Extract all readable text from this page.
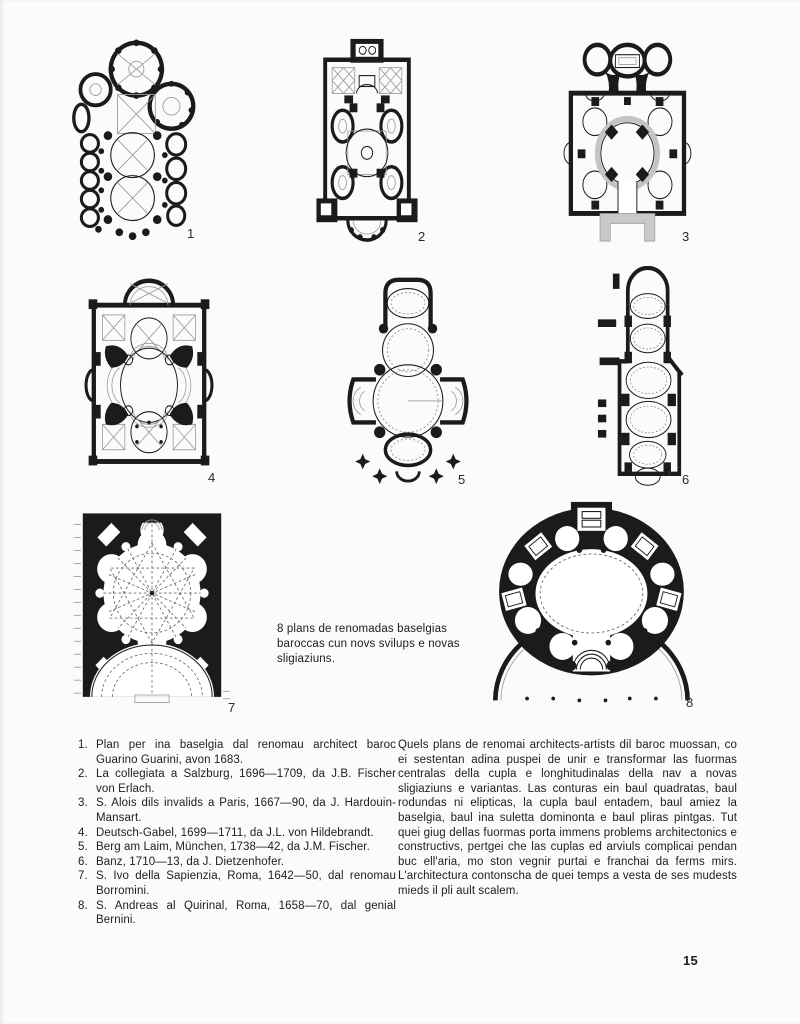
1	2	3
4	5	6
7	8
8 plans de renomadas baselgias baroccas cun novs svilups e novas sligiaziuns.
1. Plan per ina baselgia dal renomau architect baroc Guarino Guarini, avon 1683.
2. La collegiata a Salzburg, 1696—1709, da J.B. Fischer von Erlach.
3. S. Alois dils invalids a Paris, 1667—90, da J. Hardouin-Mansart.
4. Deutsch-Gabel, 1699—1711, da J.L. von Hildebrandt.
5. Berg am Laim, München, 1738—42, da J.M. Fischer.
6. Banz, 1710—13, da J. Dietzenhofer.
7. S. Ivo della Sapienzia, Roma, 1642—50, dal renomau Borromini.
8. S. Andreas al Quirinal, Roma, 1658—70, dal genial Bernini.
Quels plans de renomai architects-artists dil baroc muossan, co ei sestentan adina puspei de unir e transformar las fuormas centralas della cupla e longhitudinalas della nav a novas sligiaziuns e variantas. Las conturas ein baul quadratas, baul rodundas ni elipticas, la cupla baul entadem, baul amiez la baselgia, baul ina suletta dominonta e baul pliras pintgas. Tut quei giug dellas fuormas porta immens problems architectonics e constructivs, pertgei che las cuplas ed arviuls complicai pendan buc ell'aria, mo ston vegnir purtai e franchai da ferms mirs. L'architectura contonscha de quei temps a vesta de ses mudests mieds il pli ault scalem.
15
